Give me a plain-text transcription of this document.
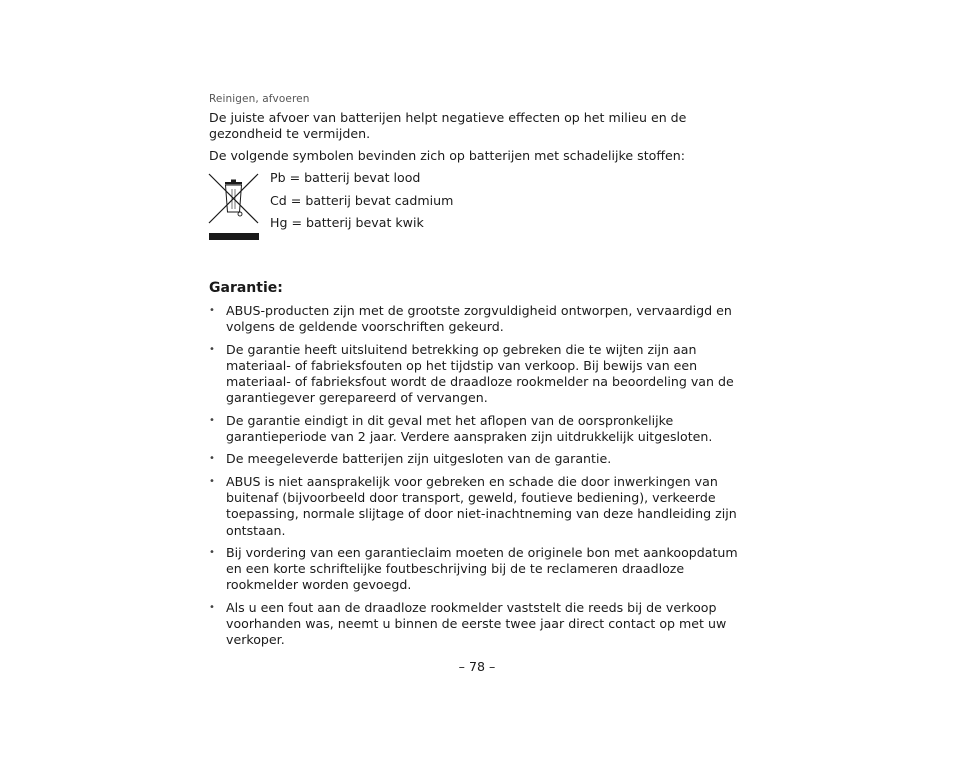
Reinigen, afvoeren
De juiste afvoer van batterijen helpt negatieve effecten op het milieu en de gezondheid te vermijden.
De volgende symbolen bevinden zich op batterijen met schadelijke stoffen:
Pb = batterij bevat lood
Cd = batterij bevat cadmium
Hg = batterij bevat kwik
Garantie:
• ABUS-producten zijn met de grootste zorgvuldigheid ontworpen, vervaardigd en volgens de geldende voorschriften gekeurd.
• De garantie heeft uitsluitend betrekking op gebreken die te wijten zijn aan materiaal- of fabrieksfouten op het tijdstip van verkoop. Bij bewijs van een materiaal- of fabrieksfout wordt de draadloze rookmelder na beoordeling van de garantiegever gerepareerd of vervangen.
• De garantie eindigt in dit geval met het aflopen van de oorspronkelijke garantieperiode van 2 jaar. Verdere aanspraken zijn uitdrukkelijk uitgesloten.
• De meegeleverde batterijen zijn uitgesloten van de garantie.
• ABUS is niet aansprakelijk voor gebreken en schade die door inwerkingen van buitenaf (bijvoorbeeld door transport, geweld, foutieve bediening), verkeerde toepassing, normale slijtage of door niet-inachtneming van deze handleiding zijn ontstaan.
• Bij vordering van een garantieclaim moeten de originele bon met aankoopdatum en een korte schriftelijke foutbeschrijving bij de te reclameren draadloze rookmelder worden gevoegd.
• Als u een fout aan de draadloze rookmelder vaststelt die reeds bij de verkoop voorhanden was, neemt u binnen de eerste twee jaar direct contact op met uw verkoper.
– 78 –
